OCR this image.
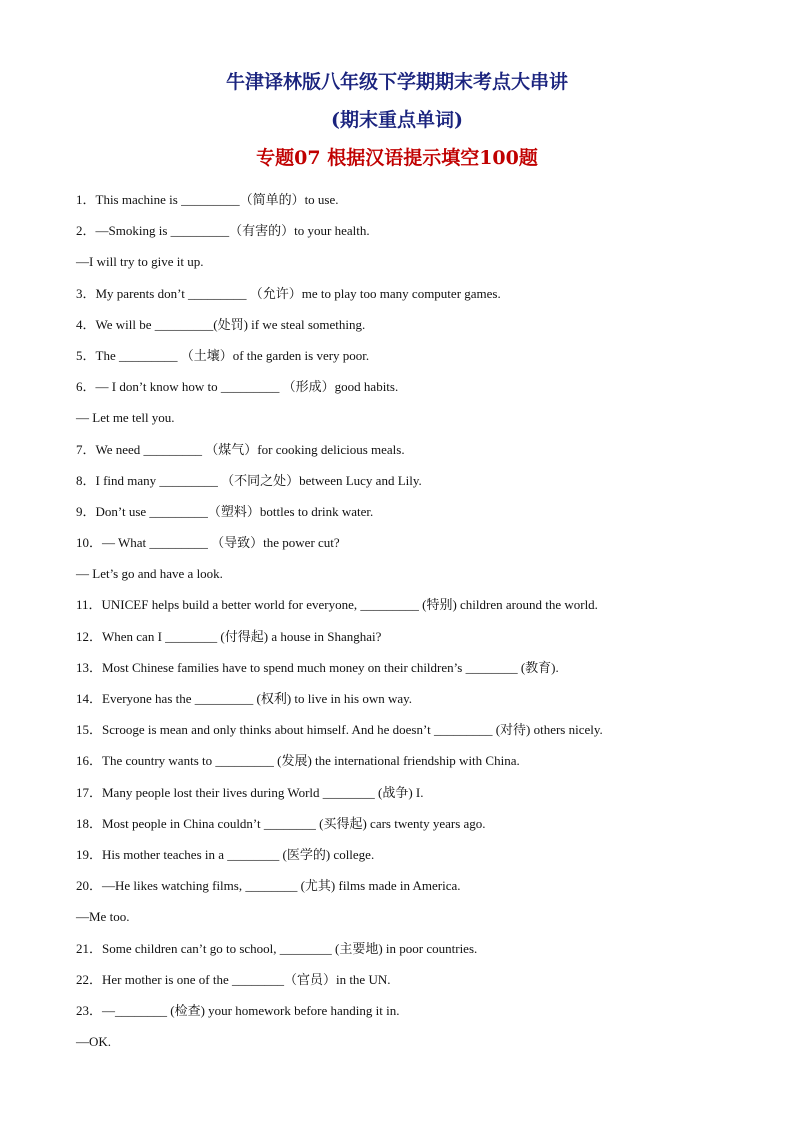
牛津译林版八年级下学期期末考点大串讲
(期末重点单词)
专题07 根据汉语提示填空100题
1．This machine is _________（简单的）to use.
2．—Smoking is _________（有害的）to your health.
—I will try to give it up.
3．My parents don’t _________ （允许）me to play too many computer games.
4．We will be _________(处罚) if we steal something.
5．The _________ （土壤）of the garden is very poor.
6．— I don’t know how to _________ （形成）good habits.
— Let me tell you.
7．We need _________ （煤气）for cooking delicious meals.
8．I find many _________ （不同之处）between Lucy and Lily.
9．Don’t use _________（塑料）bottles to drink water.
10．— What _________ （导致）the power cut?
— Let’s go and have a look.
11．UNICEF helps build a better world for everyone, _________ (特别) children around the world.
12．When can I ________ (付得起) a house in Shanghai?
13．Most Chinese families have to spend much money on their children’s ________ (教育).
14．Everyone has the _________ (权利) to live in his own way.
15．Scrooge is mean and only thinks about himself. And he doesn’t _________ (对待) others nicely.
16．The country wants to _________ (发展) the international friendship with China.
17．Many people lost their lives during World ________ (战争) I.
18．Most people in China couldn’t ________ (买得起) cars twenty years ago.
19．His mother teaches in a ________ (医学的) college.
20．—He likes watching films, ________ (尤其) films made in America.
—Me too.
21．Some children can’t go to school, ________ (主要地) in poor countries.
22．Her mother is one of the ________（官员）in the UN.
23．—________ (检查) your homework before handing it in.
—OK.
